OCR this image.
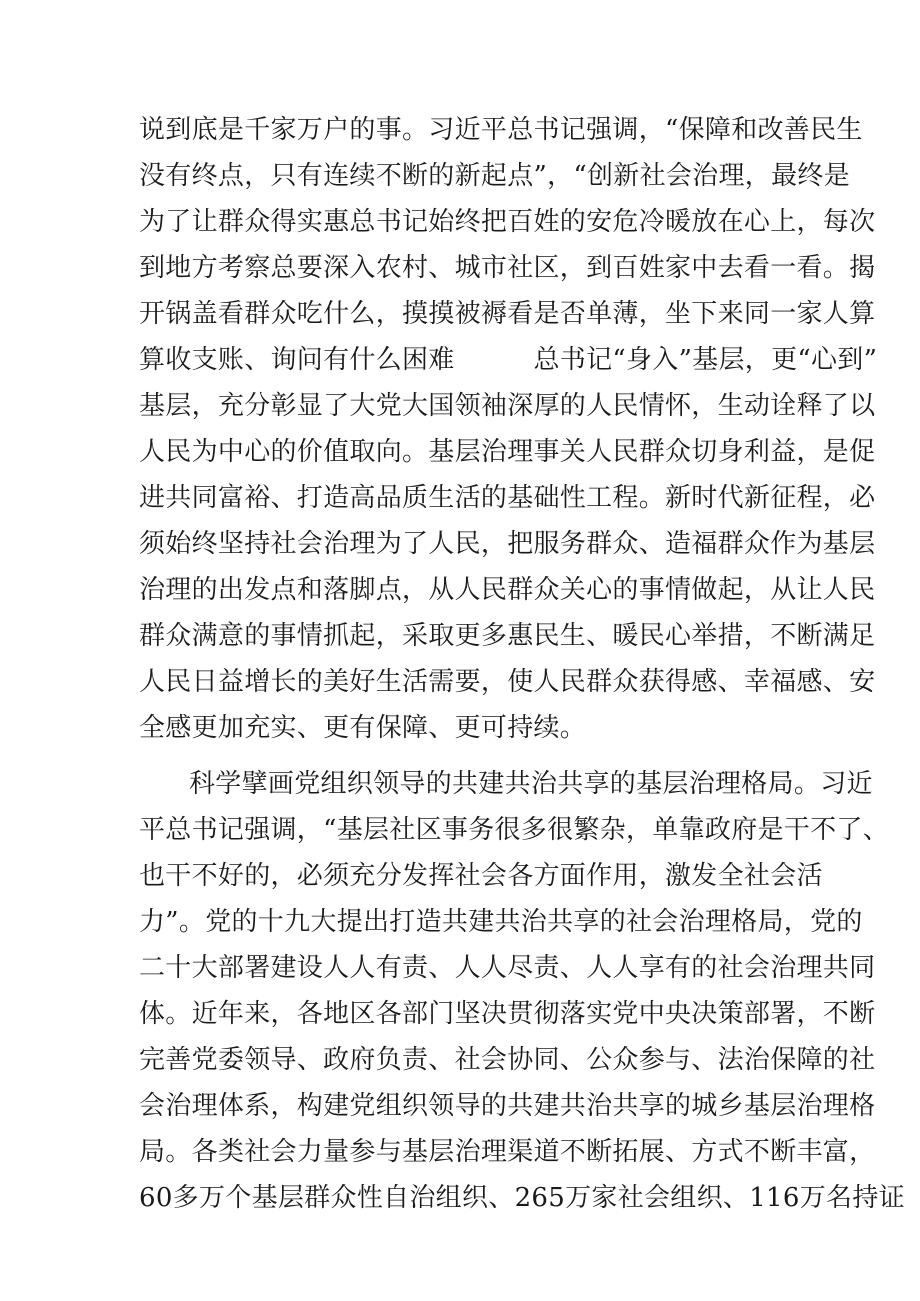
说到底是千家万户的事。习近平总书记强调，“保障和改善民生
没有终点，只有连续不断的新起点”，“创新社会治理，最终是
为了让群众得实惠总书记始终把百姓的安危冷暖放在心上，每次
到地方考察总要深入农村、城市社区，到百姓家中去看一看。揭
开锅盖看群众吃什么，摸摸被褥看是否单薄，坐下来同一家人算
算收支账、询问有什么困难　　　总书记“身入”基层，更“心到”
基层，充分彰显了大党大国领袖深厚的人民情怀，生动诠释了以
人民为中心的价值取向。基层治理事关人民群众切身利益，是促
进共同富裕、打造高品质生活的基础性工程。新时代新征程，必
须始终坚持社会治理为了人民，把服务群众、造福群众作为基层
治理的出发点和落脚点，从人民群众关心的事情做起，从让人民
群众满意的事情抓起，采取更多惠民生、暖民心举措，不断满足
人民日益增长的美好生活需要，使人民群众获得感、幸福感、安
全感更加充实、更有保障、更可持续。
科学擘画党组织领导的共建共治共享的基层治理格局。习近
平总书记强调，“基层社区事务很多很繁杂，单靠政府是干不了、
也干不好的，必须充分发挥社会各方面作用，激发全社会活
力”。党的十九大提出打造共建共治共享的社会治理格局，党的
二十大部署建设人人有责、人人尽责、人人享有的社会治理共同
体。近年来，各地区各部门坚决贯彻落实党中央决策部署，不断
完善党委领导、政府负责、社会协同、公众参与、法治保障的社
会治理体系，构建党组织领导的共建共治共享的城乡基层治理格
局。各类社会力量参与基层治理渠道不断拓展、方式不断丰富，
60多万个基层群众性自治组织、265万家社会组织、116万名持证
